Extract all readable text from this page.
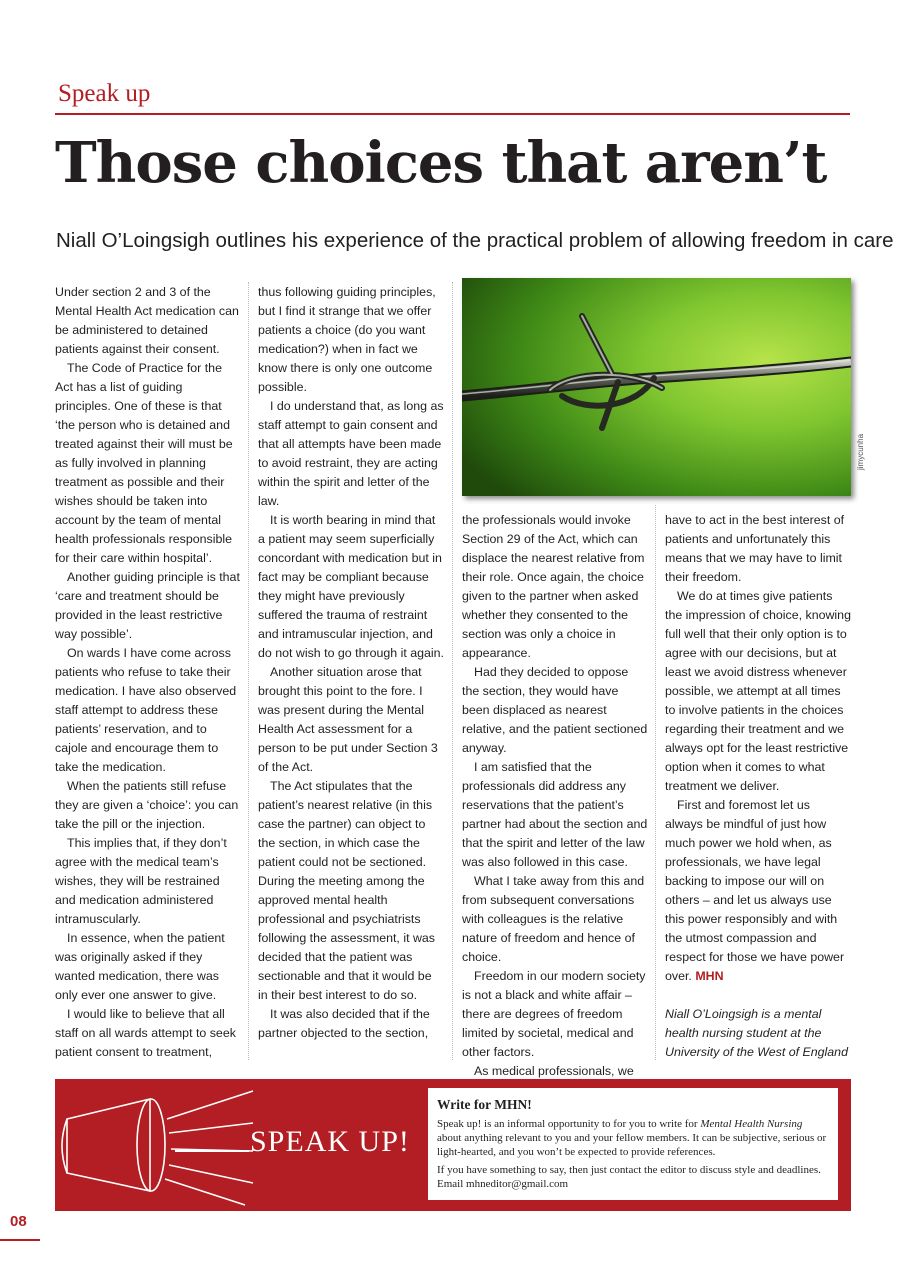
Speak up
Those choices that aren’t
Niall O’Loingsigh outlines his experience of the practical problem of allowing freedom in care

Under section 2 and 3 of the Mental Health Act medication can be administered to detained patients against their consent.

The Code of Practice for the Act has a list of guiding principles. One of these is that ‘the person who is detained and treated against their will must be as fully involved in planning treatment as possible and their wishes should be taken into account by the team of mental health professionals responsible for their care within hospital’.

Another guiding principle is that ‘care and treatment should be provided in the least restrictive way possible’.

On wards I have come across patients who refuse to take their medication. I have also observed staff attempt to address these patients’ reservation, and to cajole and encourage them to take the medication.

When the patients still refuse they are given a ‘choice’: you can take the pill or the injection.

This implies that, if they don’t agree with the medical team’s wishes, they will be restrained and medication administered intramuscularly.

In essence, when the patient was originally asked if they wanted medication, there was only ever one answer to give.

I would like to believe that all staff on all wards attempt to seek patient consent to treatment,

thus following guiding principles, but I find it strange that we offer patients a choice (do you want medication?) when in fact we know there is only one outcome possible.

I do understand that, as long as staff attempt to gain consent and that all attempts have been made to avoid restraint, they are acting within the spirit and letter of the law.

It is worth bearing in mind that a patient may seem superficially concordant with medication but in fact may be compliant because they might have previously suffered the trauma of restraint and intramuscular injection, and do not wish to go through it again.

Another situation arose that brought this point to the fore. I was present during the Mental Health Act assessment for a person to be put under Section 3 of the Act.

The Act stipulates that the patient’s nearest relative (in this case the partner) can object to the section, in which case the patient could not be sectioned. During the meeting among the approved mental health professional and psychiatrists following the assessment, it was decided that the patient was sectionable and that it would be in their best interest to do so.

It was also decided that if the partner objected to the section,

jimycunha

the professionals would invoke Section 29 of the Act, which can displace the nearest relative from their role. Once again, the choice given to the partner when asked whether they consented to the section was only a choice in appearance.

Had they decided to oppose the section, they would have been displaced as nearest relative, and the patient sectioned anyway.

I am satisfied that the professionals did address any reservations that the patient’s partner had about the section and that the spirit and letter of the law was also followed in this case.

What I take away from this and from subsequent conversations with colleagues is the relative nature of freedom and hence of choice.

Freedom in our modern society is not a black and white affair – there are degrees of freedom limited by societal, medical and other factors.

As medical professionals, we

have to act in the best interest of patients and unfortunately this means that we may have to limit their freedom.

We do at times give patients the impression of choice, knowing full well that their only option is to agree with our decisions, but at least we avoid distress whenever possible, we attempt at all times to involve patients in the choices regarding their treatment and we always opt for the least restrictive option when it comes to what treatment we deliver.

First and foremost let us always be mindful of just how much power we hold when, as professionals, we have legal backing to impose our will on others – and let us always use this power responsibly and with the utmost compassion and respect for those we have power over. MHN

Niall O’Loingsigh is a mental health nursing student at the University of the West of England

SPEAK UP!
Write for MHN!

Speak up! is an informal opportunity to for you to write for Mental Health Nursing about anything relevant to you and your fellow members. It can be subjective, serious or light-hearted, and you won’t be expected to provide references.

If you have something to say, then just contact the editor to discuss style and deadlines. Email mhneditor@gmail.com

08
